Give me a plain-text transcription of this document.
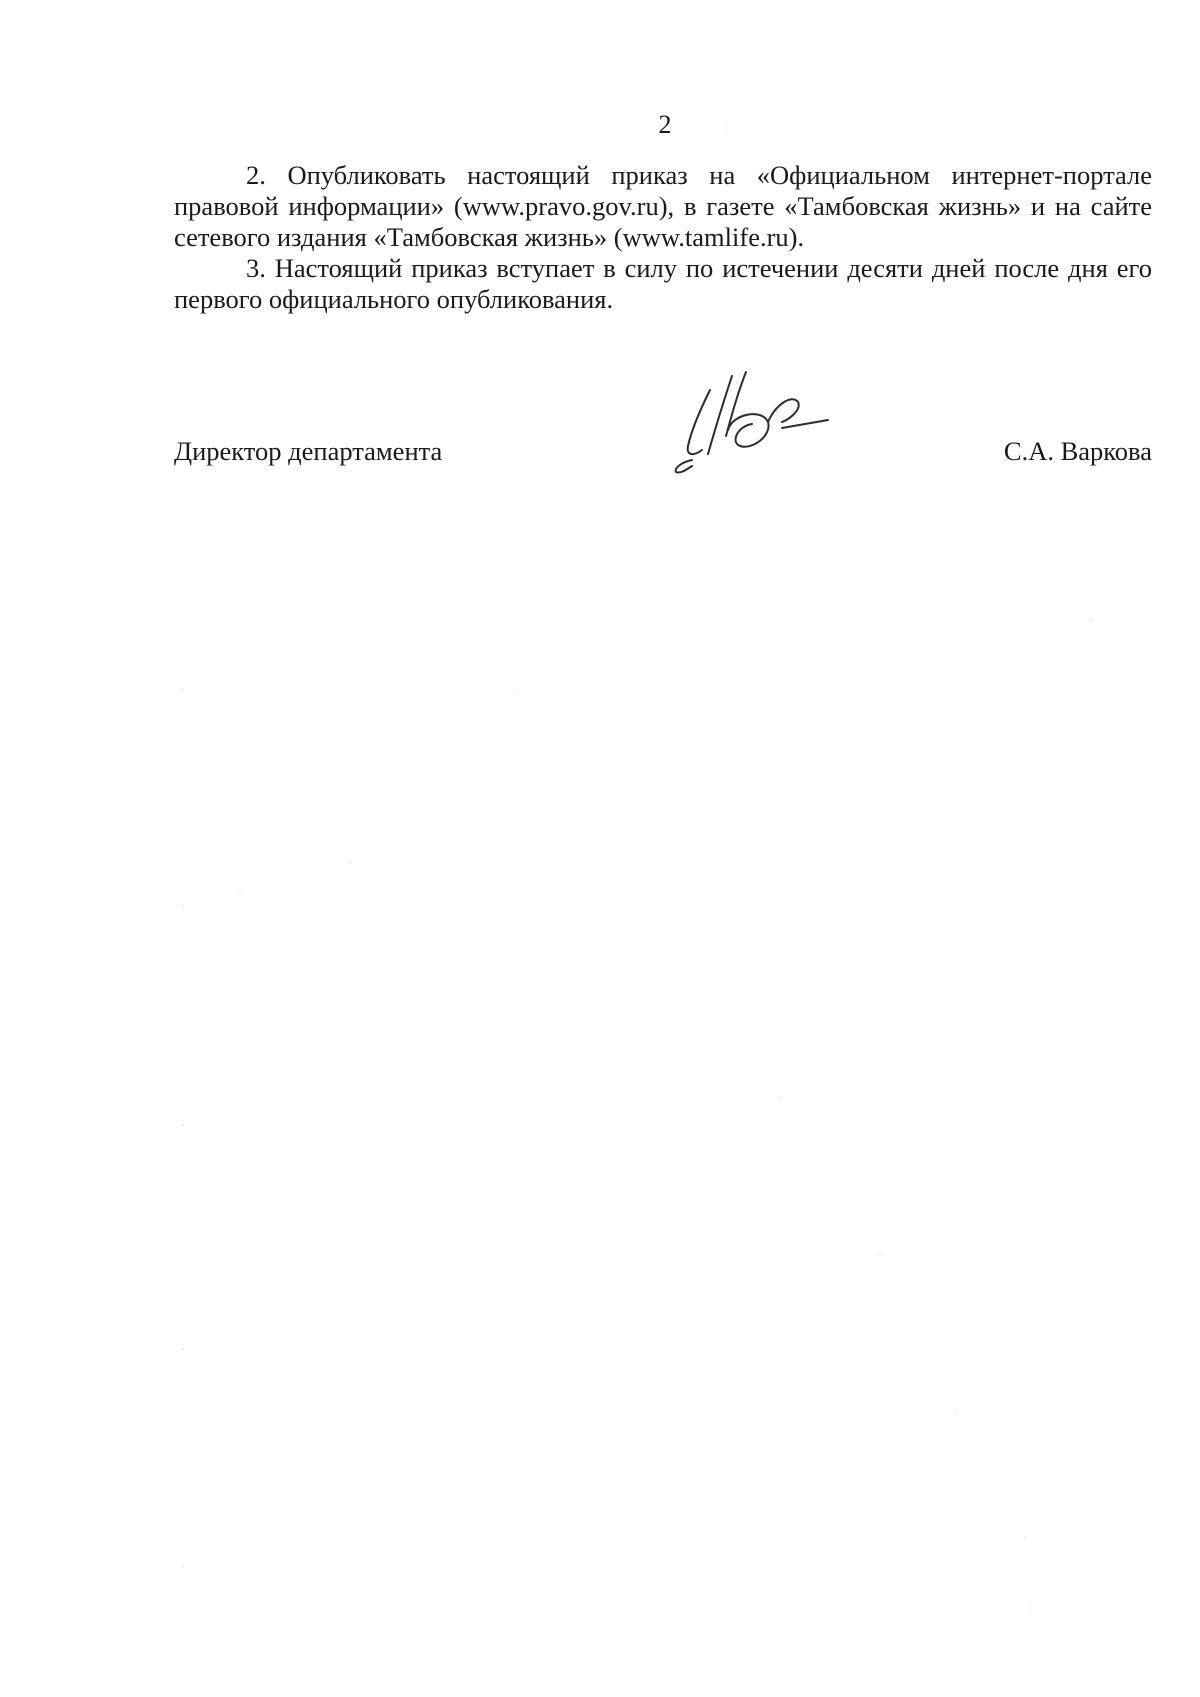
2

2. Опубликовать настоящий приказ на «Официальном интернет-портале правовой информации» (www.pravo.gov.ru), в газете «Тамбовская жизнь» и на сайте сетевого издания «Тамбовская жизнь» (www.tamlife.ru).

3. Настоящий приказ вступает в силу по истечении десяти дней после дня его первого официального опубликования.

Директор департамента	С.А. Варкова
